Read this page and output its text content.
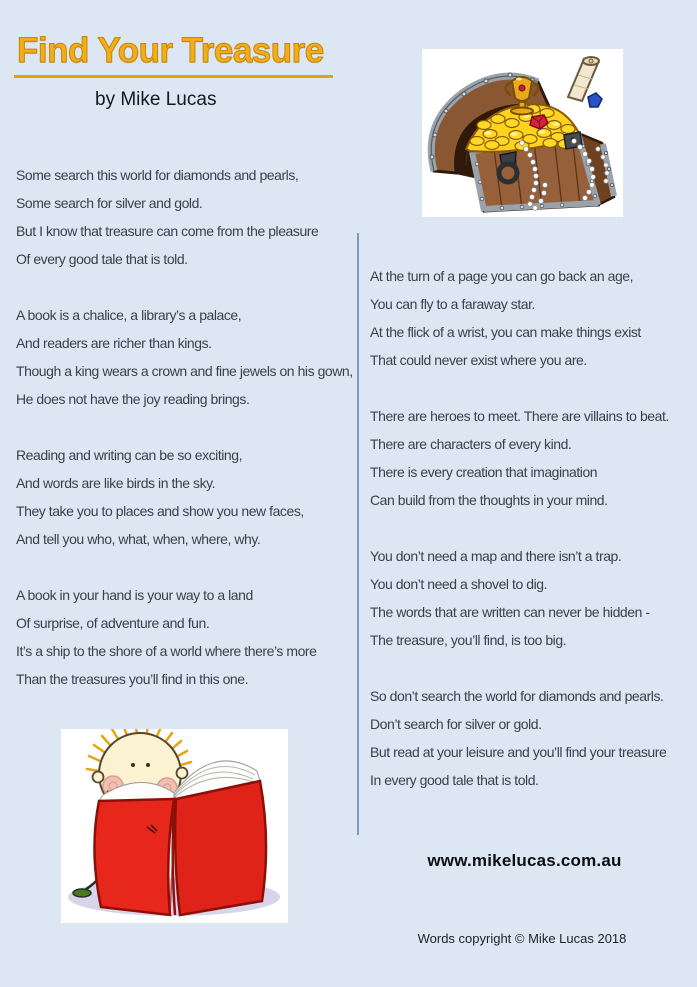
Find Your Treasure
by Mike Lucas
Some search this world for diamonds and pearls,
Some search for silver and gold.
But I know that treasure can come from the pleasure
Of every good tale that is told.
A book is a chalice, a library’s a palace,
And readers are richer than kings.
Though a king wears a crown and fine jewels on his gown,
He does not have the joy reading brings.
Reading and writing can be so exciting,
And words are like birds in the sky.
They take you to places and show you new faces,
And tell you who, what, when, where, why.
A book in your hand is your way to a land
Of surprise, of adventure and fun.
It’s a ship to the shore of a world where there’s more
Than the treasures you’ll find in this one.
At the turn of a page you can go back an age,
You can fly to a faraway star.
At the flick of a wrist, you can make things exist
That could never exist where you are.
There are heroes to meet. There are villains to beat.
There are characters of every kind.
There is every creation that imagination
Can build from the thoughts in your mind.
You don’t need a map and there isn’t a trap.
You don’t need a shovel to dig.
The words that are written can never be hidden -
The treasure, you’ll find, is too big.
So don’t search the world for diamonds and pearls.
Don’t search for silver or gold.
But read at your leisure and you’ll find your treasure
In every good tale that is told.
www.mikelucas.com.au
Words copyright © Mike Lucas 2018
